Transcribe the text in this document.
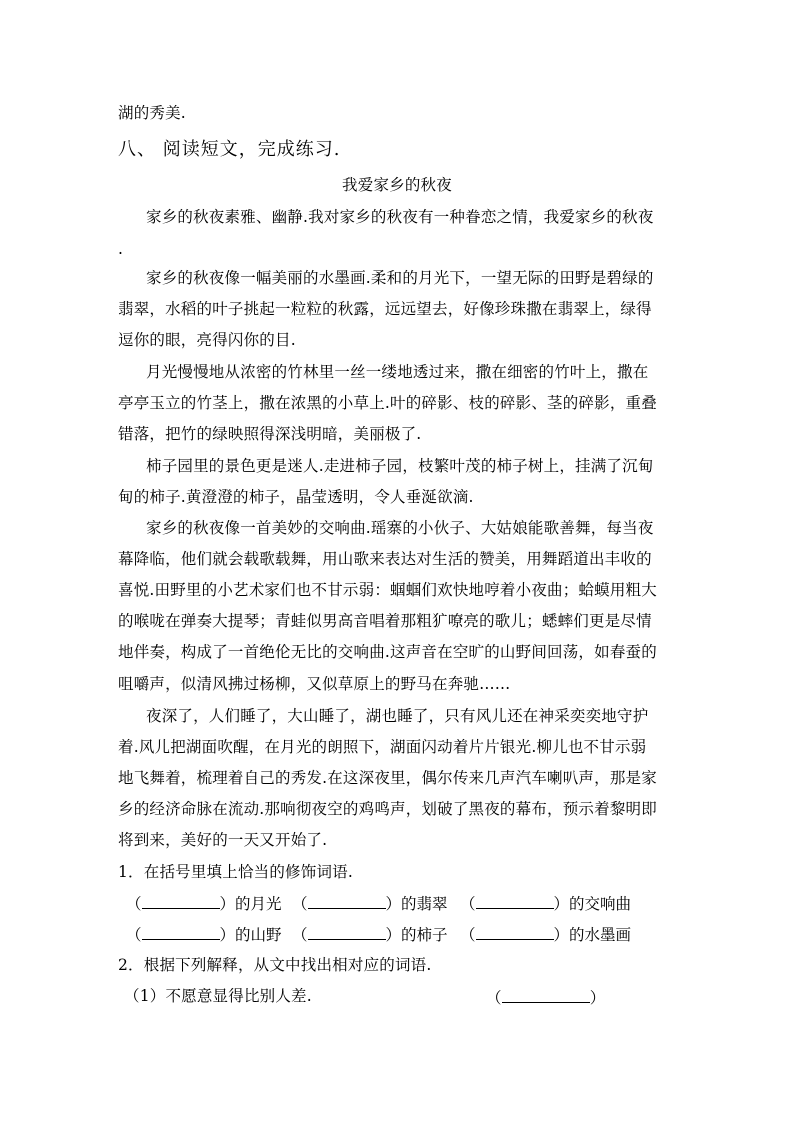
湖的秀美.
八、 阅读短文，完成练习.
我爱家乡的秋夜
家乡的秋夜素雅、幽静.我对家乡的秋夜有一种眷恋之情，我爱家乡的秋夜
.
家乡的秋夜像一幅美丽的水墨画.柔和的月光下，一望无际的田野是碧绿的
翡翠，水稻的叶子挑起一粒粒的秋露，远远望去，好像珍珠撒在翡翠上，绿得
逗你的眼，亮得闪你的目.
月光慢慢地从浓密的竹林里一丝一缕地透过来，撒在细密的竹叶上，撒在
亭亭玉立的竹茎上，撒在浓黑的小草上.叶的碎影、枝的碎影、茎的碎影，重叠
错落，把竹的绿映照得深浅明暗，美丽极了.
柿子园里的景色更是迷人.走进柿子园，枝繁叶茂的柿子树上，挂满了沉甸
甸的柿子.黄澄澄的柿子，晶莹透明，令人垂涎欲滴.
家乡的秋夜像一首美妙的交响曲.瑶寨的小伙子、大姑娘能歌善舞，每当夜
幕降临，他们就会载歌载舞，用山歌来表达对生活的赞美，用舞蹈道出丰收的
喜悦.田野里的小艺术家们也不甘示弱：蝈蝈们欢快地哼着小夜曲；蛤蟆用粗大
的喉咙在弹奏大提琴；青蛙似男高音唱着那粗犷嘹亮的歌儿；蟋蟀们更是尽情
地伴奏，构成了一首绝伦无比的交响曲.这声音在空旷的山野间回荡，如春蚕的
咀嚼声，似清风拂过杨柳，又似草原上的野马在奔驰……
夜深了，人们睡了，大山睡了，湖也睡了，只有风儿还在神采奕奕地守护
着.风儿把湖面吹醒，在月光的朗照下，湖面闪动着片片银光.柳儿也不甘示弱
地飞舞着，梳理着自己的秀发.在这深夜里，偶尔传来几声汽车喇叭声，那是家
乡的经济命脉在流动.那响彻夜空的鸡鸣声，划破了黑夜的幕布，预示着黎明即
将到来，美好的一天又开始了.
1．在括号里填上恰当的修饰词语.
（	）的月光 （	）的翡翠 （	）的交响曲
（	）的山野 （	）的柿子 （	）的水墨画
2．根据下列解释，从文中找出相对应的词语.
（1）不愿意显得比别人差.	（	）
